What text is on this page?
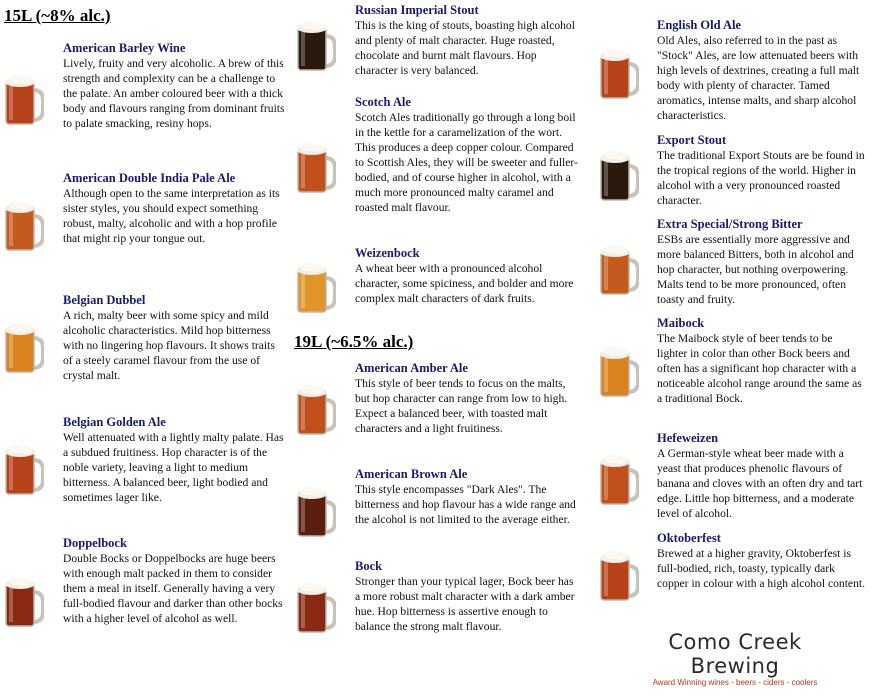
15L (~8% alc.)
19L (~6.5% alc.)
American Barley Wine
Lively, fruity and very alcoholic. A brew of this strength and complexity can be a challenge to the palate. An amber coloured beer with a thick body and flavours ranging from dominant fruits to palate smacking, resiny hops.
American Double India Pale Ale
Although open to the same interpretation as its sister styles, you should expect something robust, malty, alcoholic and with a hop profile that might rip your tongue out.
Belgian Dubbel
A rich, malty beer with some spicy and mild alcoholic characteristics. Mild hop bitterness with no lingering hop flavours. It shows traits of a steely caramel flavour from the use of crystal malt.
Belgian Golden Ale
Well attenuated with a lightly malty palate. Has a subdued fruitiness. Hop character is of the noble variety, leaving a light to medium bitterness. A balanced beer, light bodied and sometimes lager like.
Doppelbock
Double Bocks or Doppelbocks are huge beers with enough malt packed in them to consider them a meal in itself. Generally having a very full-bodied flavour and darker than other bocks with a higher level of alcohol as well.
Russian Imperial Stout
This is the king of stouts, boasting high alcohol and plenty of malt character. Huge roasted, chocolate and burnt malt flavours. Hop character is very balanced.
Scotch Ale
Scotch Ales traditionally go through a long boil in the kettle for a caramelization of the wort. This produces a deep copper colour. Compared to Scottish Ales, they will be sweeter and fuller-bodied, and of course higher in alcohol, with a much more pronounced malty caramel and roasted malt flavour.
Weizenbock
A wheat beer with a pronounced alcohol character, some spiciness, and bolder and more complex malt characters of dark fruits.
American Amber Ale
This style of beer tends to focus on the malts, but hop character can range from low to high. Expect a balanced beer, with toasted malt characters and a light fruitiness.
American Brown Ale
This style encompasses "Dark Ales". The bitterness and hop flavour has a wide range and the alcohol is not limited to the average either.
Bock
Stronger than your typical lager, Bock beer has a more robust malt character with a dark amber hue. Hop bitterness is assertive enough to balance the strong malt flavour.
English Old Ale
Old Ales, also referred to in the past as "Stock" Ales, are low attenuated beers with high levels of dextrines, creating a full malt body with plenty of character. Tamed aromatics, intense malts, and sharp alcohol characteristics.
Export Stout
The traditional Export Stouts are be found in the tropical regions of the world. Higher in alcohol with a very pronounced roasted character.
Extra Special/Strong Bitter
ESBs are essentially more aggressive and more balanced Bitters, both in alcohol and hop character, but nothing overpowering. Malts tend to be more pronounced, often toasty and fruity.
Maibock
The Maibock style of beer tends to be lighter in color than other Bock beers and often has a significant hop character with a noticeable alcohol range around the same as a traditional Bock.
Hefeweizen
A German-style wheat beer made with a yeast that produces phenolic flavours of banana and cloves with an often dry and tart edge. Little hop bitterness, and a moderate level of alcohol.
Oktoberfest
Brewed at a higher gravity, Oktoberfest is full-bodied, rich, toasty, typically dark copper in colour with a high alcohol content.
Como Creek Brewing
Award Winning wines - beers - ciders - coolers
